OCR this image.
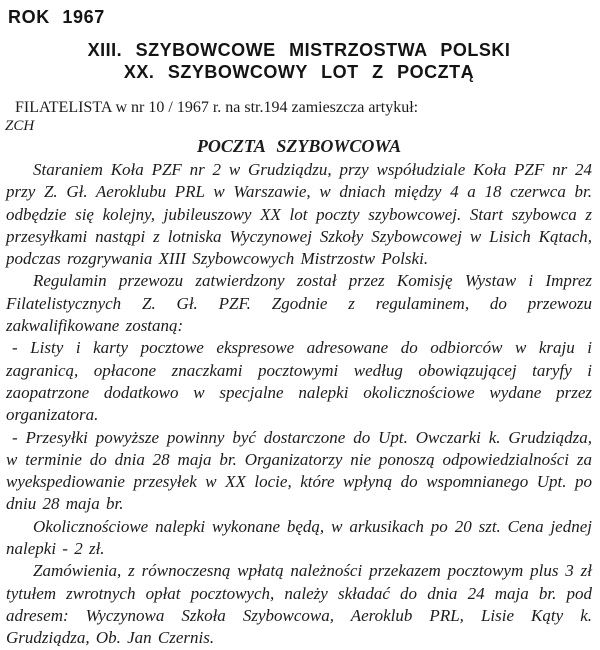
ROK 1967
XIII. SZYBOWCOWE MISTRZOSTWA POLSKI
XX. SZYBOWCOWY LOT Z POCZTĄ
FILATELISTA w nr 10 / 1967 r. na str.194 zamieszcza artykuł:
ZCH
POCZTA SZYBOWCOWA

Staraniem Koła PZF nr 2 w Grudziądzu, przy współudziale Koła PZF nr 24 przy Z. Gł. Aeroklubu PRL w Warszawie, w dniach między 4 a 18 czerwca br. odbędzie się kolejny, jubileuszowy XX lot poczty szybowcowej. Start szybowca z przesyłkami nastąpi z lotniska Wyczynowej Szkoły Szybowcowej w Lisich Kątach, podczas rozgrywania XIII Szybowcowych Mistrzostw Polski.

Regulamin przewozu zatwierdzony został przez Komisję Wystaw i Imprez Filatelistycznych Z. Gł. PZF. Zgodnie z regulaminem, do przewozu zakwalifikowane zostaną:

- Listy i karty pocztowe ekspresowe adresowane do odbiorców w kraju i zagranicą, opłacone znaczkami pocztowymi według obowiązującej taryfy i zaopatrzone dodatkowo w specjalne nalepki okolicznościowe wydane przez organizatora.

- Przesyłki powyższe powinny być dostarczone do Upt. Owczarki k. Grudziądza, w terminie do dnia 28 maja br. Organizatorzy nie ponoszą odpowiedzialności za wyekspediowanie przesyłek w XX locie, które wpłyną do wspomnianego Upt. po dniu 28 maja br.

Okolicznościowe nalepki wykonane będą, w arkusikach po 20 szt. Cena jednej nalepki - 2 zł.

Zamówienia, z równoczesną wpłatą należności przekazem pocztowym plus 3 zł tytułem zwrotnych opłat pocztowych, należy składać do dnia 24 maja br. pod adresem: Wyczynowa Szkoła Szybowcowa, Aeroklub PRL, Lisie Kąty k. Grudziądza, Ob. Jan Czernis.
